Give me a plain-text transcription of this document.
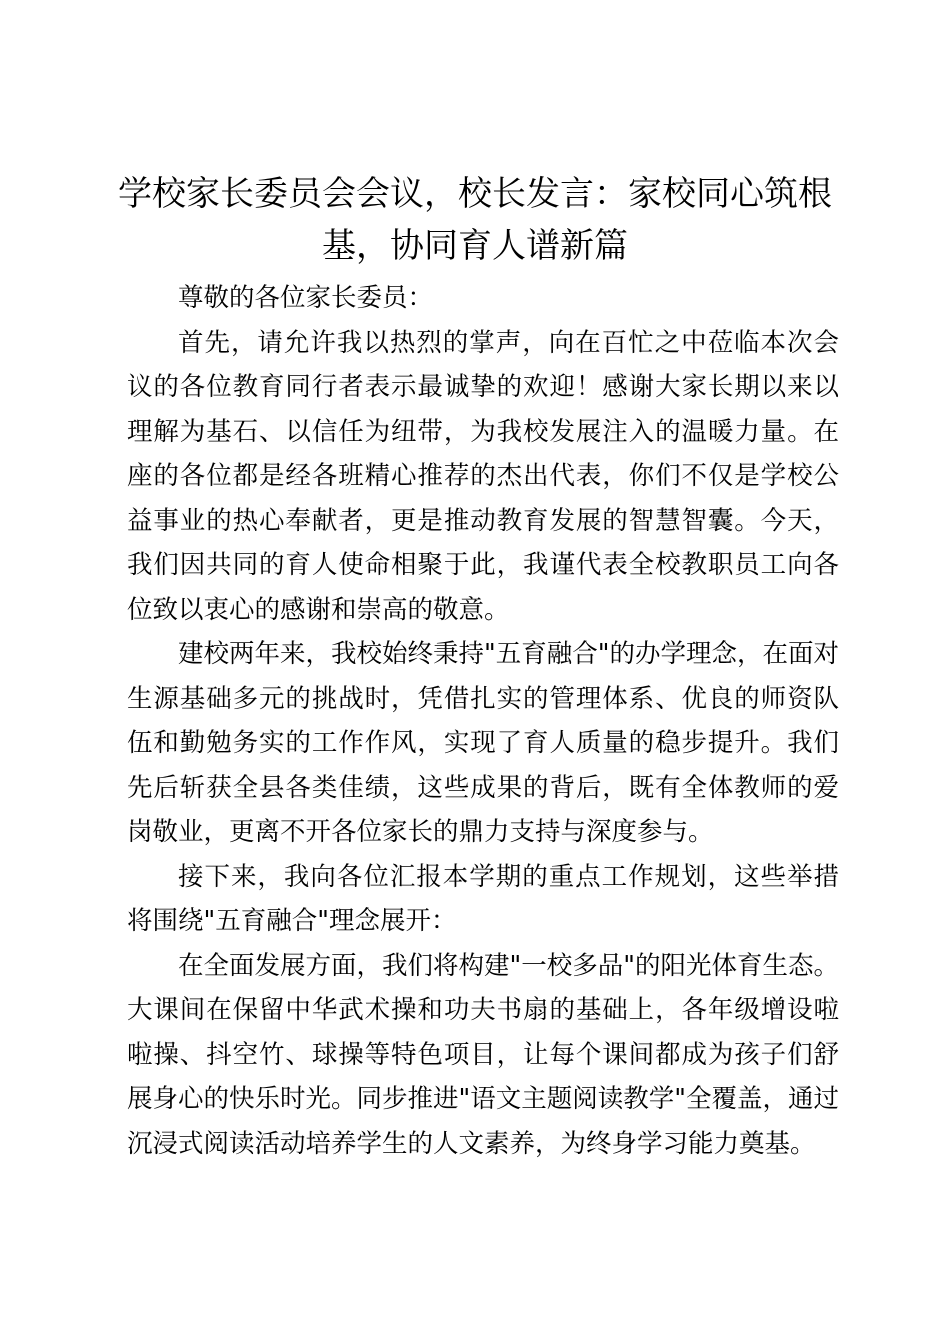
学校家长委员会会议，校长发言：家校同心筑根基，协同育人谱新篇

尊敬的各位家长委员：

首先，请允许我以热烈的掌声，向在百忙之中莅临本次会议的各位教育同行者表示最诚挚的欢迎！感谢大家长期以来以理解为基石、以信任为纽带，为我校发展注入的温暖力量。在座的各位都是经各班精心推荐的杰出代表，你们不仅是学校公益事业的热心奉献者，更是推动教育发展的智慧智囊。今天，我们因共同的育人使命相聚于此，我谨代表全校教职员工向各位致以衷心的感谢和崇高的敬意。

建校两年来，我校始终秉持"五育融合"的办学理念，在面对生源基础多元的挑战时，凭借扎实的管理体系、优良的师资队伍和勤勉务实的工作作风，实现了育人质量的稳步提升。我们先后斩获全县各类佳绩，这些成果的背后，既有全体教师的爱岗敬业，更离不开各位家长的鼎力支持与深度参与。

接下来，我向各位汇报本学期的重点工作规划，这些举措将围绕"五育融合"理念展开：

在全面发展方面，我们将构建"一校多品"的阳光体育生态。大课间在保留中华武术操和功夫书扇的基础上，各年级增设啦啦操、抖空竹、球操等特色项目，让每个课间都成为孩子们舒展身心的快乐时光。同步推进"语文主题阅读教学"全覆盖，通过沉浸式阅读活动培养学生的人文素养，为终身学习能力奠基。
